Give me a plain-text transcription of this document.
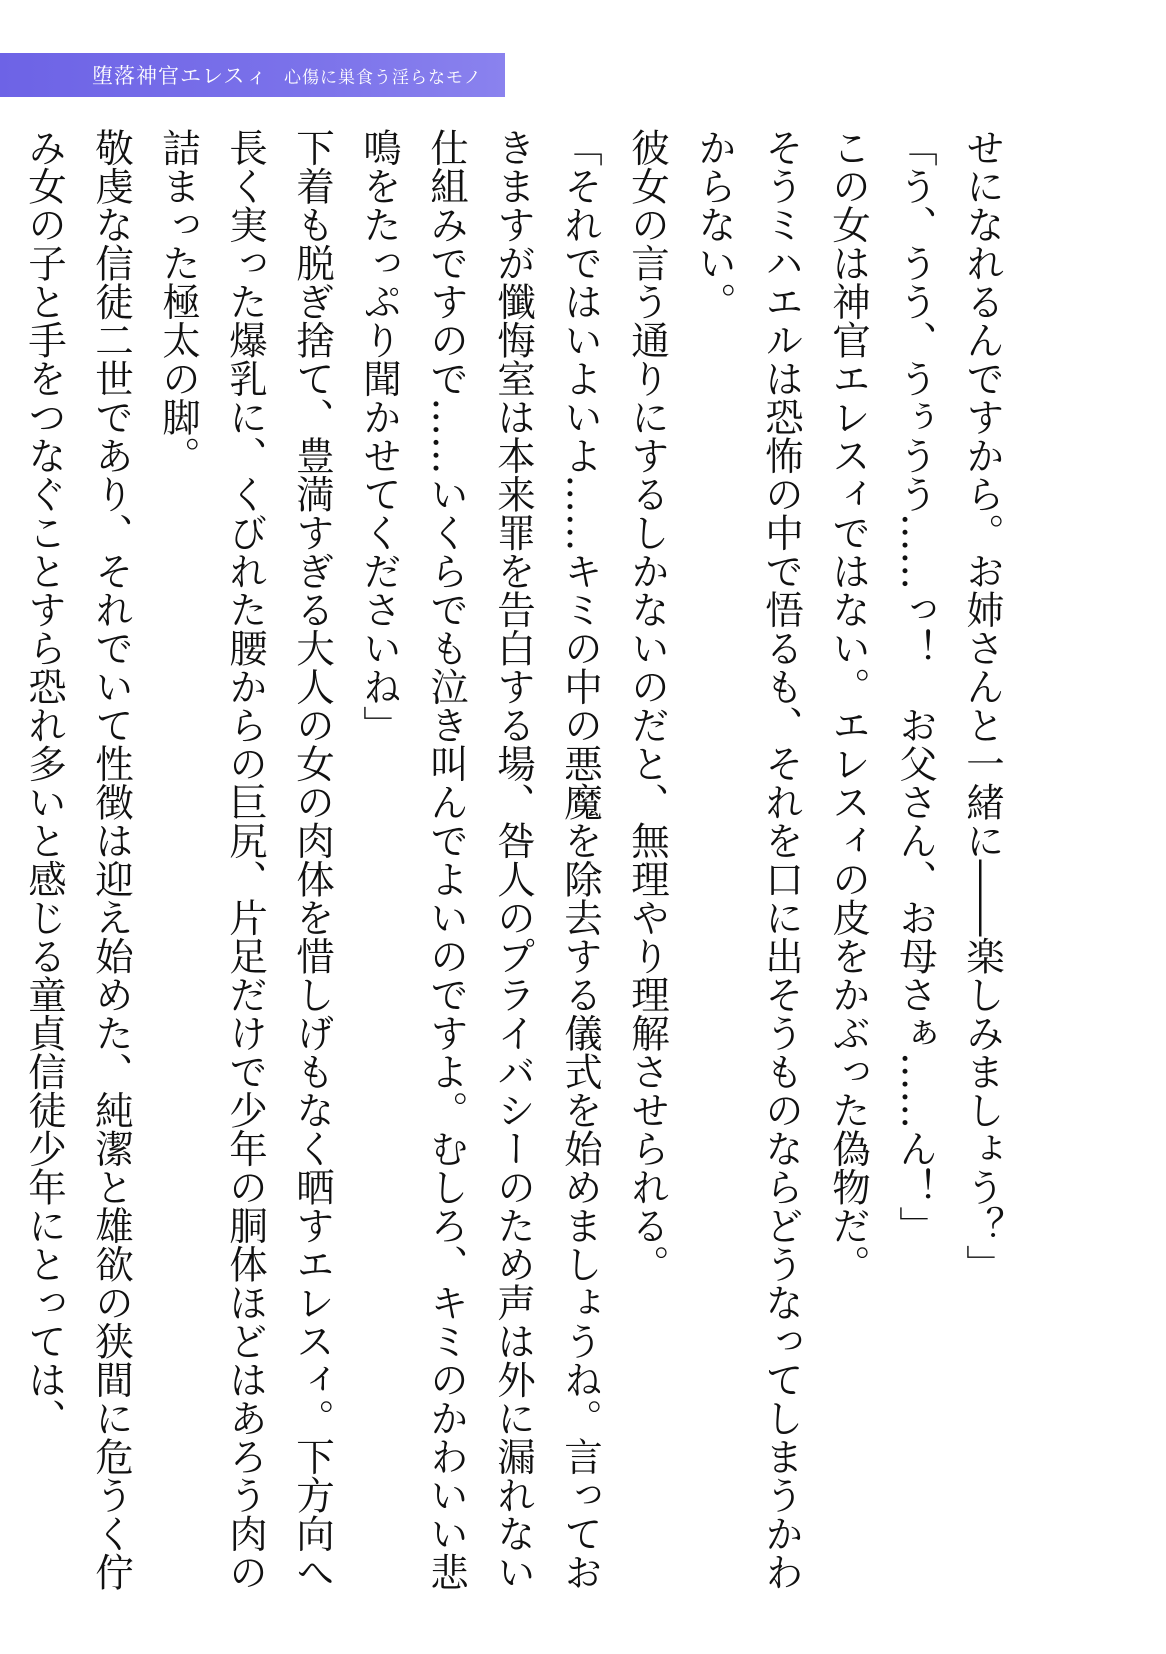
堕落神官エレスィ 心傷に巣食う淫らなモノ

せになれるんですから。お姉さんと一緒に――楽しみましょう？」

「う、うう、うぅうう……っ！　お父さん、お母さぁ……ん！」

この女は神官エレスィではない。エレスィの皮をかぶった偽物だ。

そうミハエルは恐怖の中で悟るも、それを口に出そうものならどうなってしまうかわからない。

彼女の言う通りにするしかないのだと、無理やり理解させられる。

「それではいよいよ……キミの中の悪魔を除去する儀式を始めましょうね。言っておきますが懺悔室は本来罪を告白する場、咎人のプライバシーのため声は外に漏れない仕組みですので……いくらでも泣き叫んでよいのですよ。むしろ、キミのかわいい悲鳴をたっぷり聞かせてくださいね」

下着も脱ぎ捨て、豊満すぎる大人の女の肉体を惜しげもなく晒すエレスィ。下方向へ長く実った爆乳に、くびれた腰からの巨尻、片足だけで少年の胴体ほどはあろう肉の詰まった極太の脚。

敬虔な信徒二世であり、それでいて性徴は迎え始めた、純潔と雄欲の狭間に危うく佇み女の子と手をつなぐことすら恐れ多いと感じる童貞信徒少年にとっては、
